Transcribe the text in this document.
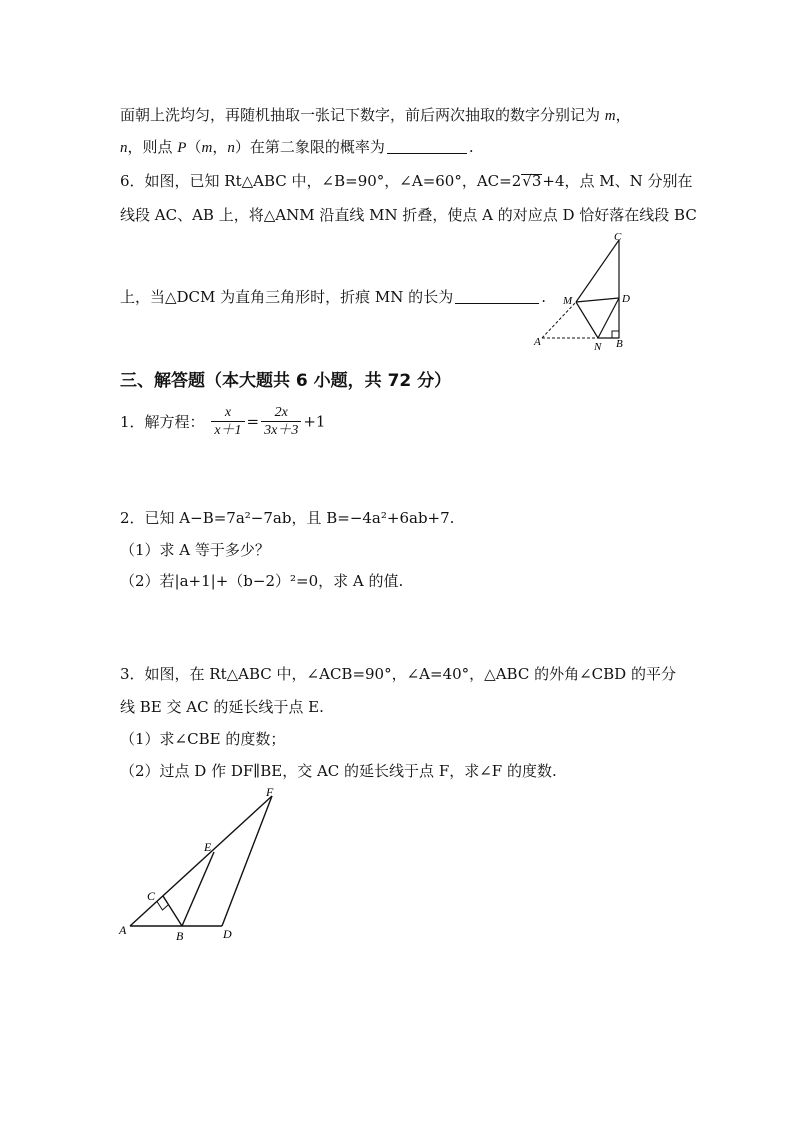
面朝上洗均匀，再随机抽取一张记下数字，前后两次抽取的数字分别记为 m，
n，则点 P（m，n）在第二象限的概率为	.
6．如图，已知 Rt△ABC 中，∠B=90°，∠A=60°，AC=2√3+4，点 M、N 分别在
线段 AC、AB 上，将△ANM 沿直线 MN 折叠，使点 A 的对应点 D 恰好落在线段 BC
上，当△DCM 为直角三角形时，折痕 MN 的长为	.
C
D
M
A	N B
三、解答题（本大题共 6 小题，共 72 分）
1．解方程： $\frac{x}{x+1} = \frac{2x}{3x+3} +1$
2．已知 A−B=7a²−7ab，且 B=−4a²+6ab+7.
（1）求 A 等于多少？
（2）若|a+1|+（b−2）²=0，求 A 的值.
3．如图，在 Rt△ABC 中，∠ACB=90°，∠A=40°，△ABC 的外角∠CBD 的平分
线 BE 交 AC 的延长线于点 E.
（1）求∠CBE 的度数；
（2）过点 D 作 DF∥BE，交 AC 的延长线于点 F，求∠F 的度数.
F
E
C
A	B	D
